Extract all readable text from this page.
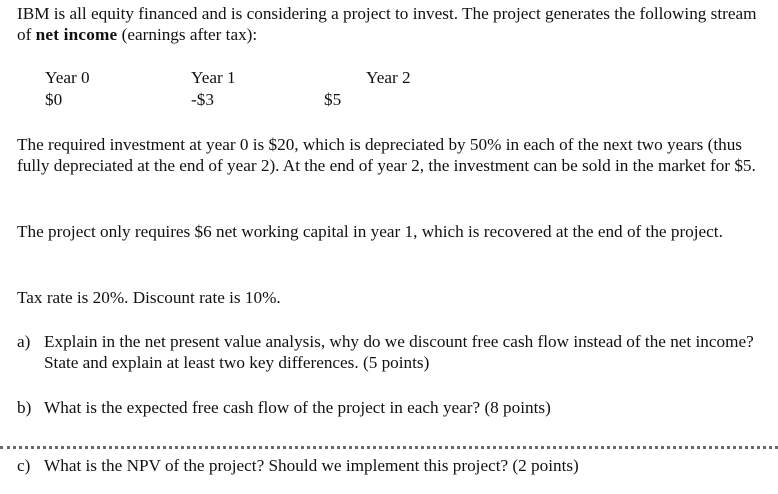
IBM is all equity financed and is considering a project to invest. The project generates the following stream of net income (earnings after tax):

Year 0
$0
Year 1
-$3
Year 2
$5

The required investment at year 0 is $20, which is depreciated by 50% in each of the next two years (thus fully depreciated at the end of year 2). At the end of year 2, the investment can be sold in the market for $5.

The project only requires $6 net working capital in year 1, which is recovered at the end of the project.

Tax rate is 20%. Discount rate is 10%.

a) Explain in the net present value analysis, why do we discount free cash flow instead of the net income? State and explain at least two key differences. (5 points)
b) What is the expected free cash flow of the project in each year? (8 points)
c) What is the NPV of the project? Should we implement this project? (2 points)
